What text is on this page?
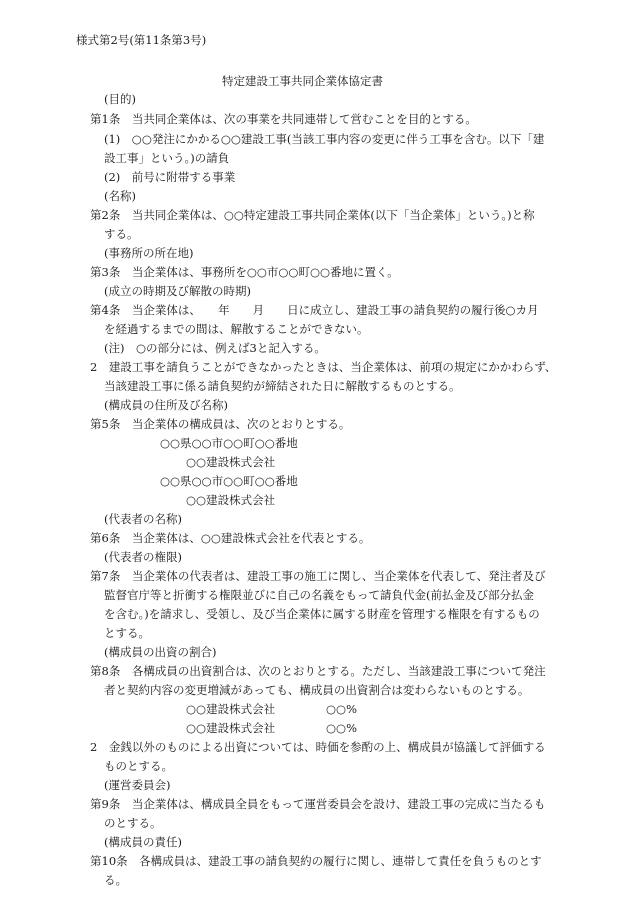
様式第2号(第11条第3号)
特定建設工事共同企業体協定書
(目的)
第1条　当共同企業体は、次の事業を共同連帯して営むことを目的とする。
(1)　○○発注にかかる○○建設工事(当該工事内容の変更に伴う工事を含む。以下「建
設工事」という。)の請負
(2)　前号に附帯する事業
(名称)
第2条　当共同企業体は、○○特定建設工事共同企業体(以下「当企業体」という。)と称
する。
(事務所の所在地)
第3条　当企業体は、事務所を○○市○○町○○番地に置く。
(成立の時期及び解散の時期)
第4条　当企業体は、　　年　　月　　日に成立し、建設工事の請負契約の履行後○カ月
を経過するまでの間は、解散することができない。
(注)　○の部分には、例えば3と記入する。
2　建設工事を請負うことができなかったときは、当企業体は、前項の規定にかかわらず、
当該建設工事に係る請負契約が締結された日に解散するものとする。
(構成員の住所及び名称)
第5条　当企業体の構成員は、次のとおりとする。
○○県○○市○○町○○番地
○○建設株式会社
○○県○○市○○町○○番地
○○建設株式会社
(代表者の名称)
第6条　当企業体は、○○建設株式会社を代表とする。
(代表者の権限)
第7条　当企業体の代表者は、建設工事の施工に関し、当企業体を代表して、発注者及び
監督官庁等と折衝する権限並びに自己の名義をもって請負代金(前払金及び部分払金
を含む。)を請求し、受領し、及び当企業体に属する財産を管理する権限を有するもの
とする。
(構成員の出資の割合)
第8条　各構成員の出資割合は、次のとおりとする。ただし、当該建設工事について発注
者と契約内容の変更増減があっても、構成員の出資割合は変わらないものとする。
○○建設株式会社	○○%
○○建設株式会社	○○%
2　金銭以外のものによる出資については、時価を参酌の上、構成員が協議して評価する
ものとする。
(運営委員会)
第9条　当企業体は、構成員全員をもって運営委員会を設け、建設工事の完成に当たるも
のとする。
(構成員の責任)
第10条　各構成員は、建設工事の請負契約の履行に関し、連帯して責任を負うものとす
る。
